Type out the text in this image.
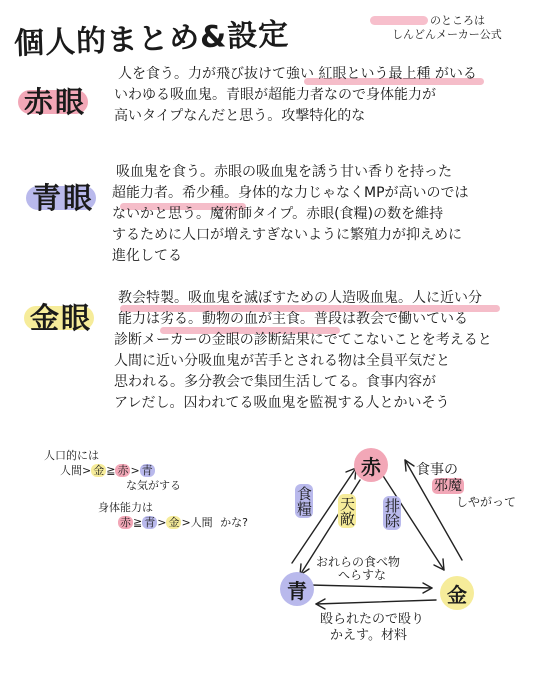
個人的まとめ&設定	のところは
しんどんメーカー公式
赤眼
人を食う。力が飛び抜けて強い 紅眼という最上種 がいる
いわゆる吸血鬼。青眼が超能力者なので身体能力が
高いタイプなんだと思う。攻撃特化的な
青眼
吸血鬼を食う。赤眼の吸血鬼を誘う甘い香りを持った
超能力者。希少種。身体的な力じゃなくMPが高いのでは
ないかと思う。魔術師タイプ。赤眼(食糧)の数を維持
するために人口が増えすぎないように繁殖力が抑えめに
進化してる
金眼
教会特製。吸血鬼を滅ぼすための人造吸血鬼。人に近い分
能力は劣る。動物の血が主食。普段は教会で働いている
診断メーカーの金眼の診断結果にでてこないことを考えると
人間に近い分吸血鬼が苦手とされる物は全員平気だと
思われる。多分教会で集団生活してる。食事内容が
アレだし。囚われてる吸血鬼を監視する人とかいそう
人口的には
人間> 金 ≧ 赤 > 青
な気がする
身体能力は
赤 ≧ 青 > 金 >人間 かな?
赤
青	金
食糧 天敵 排除
食事の
邪魔
しやがって
おれらの食べ物
へらすな
殴られたので殴り
かえす。材料
